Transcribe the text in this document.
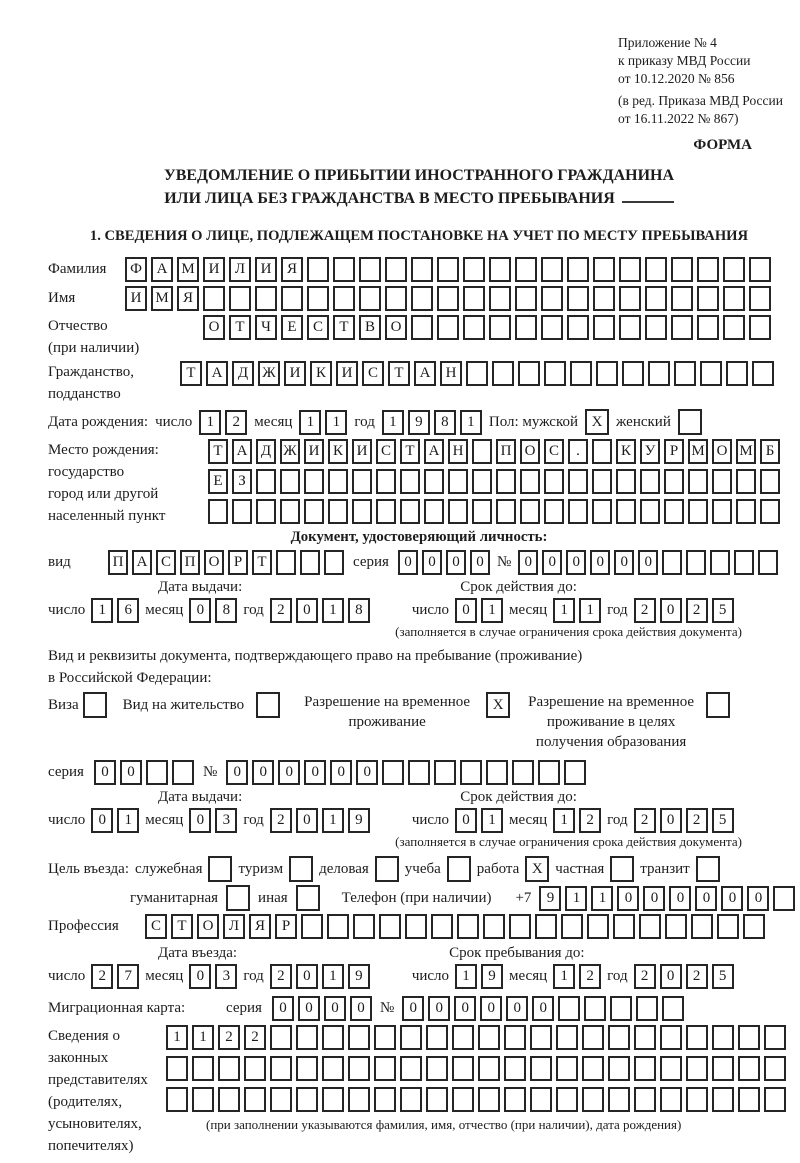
Приложение № 4
к приказу МВД России
от 10.12.2020 № 856
(в ред. Приказа МВД России
от 16.11.2022 № 867)
ФОРМА
УВЕДОМЛЕНИЕ О ПРИБЫТИИ ИНОСТРАННОГО ГРАЖДАНИНА
ИЛИ ЛИЦА БЕЗ ГРАЖДАНСТВА В МЕСТО ПРЕБЫВАНИЯ
1. СВЕДЕНИЯ О ЛИЦЕ, ПОДЛЕЖАЩЕМ ПОСТАНОВКЕ НА УЧЕТ ПО МЕСТУ ПРЕБЫВАНИЯ
Фамилия	Ф А М И	Л	И	Я
Имя	И М Я
Отчество
(при наличии)
О	Т	Ч	Е	С	Т	В	О
Гражданство,
подданство
Т	А	Д Ж И	К	И	С	Т	А	Н
Дата рождения: число 1	2 месяц 1	1 год 1	9	8	1 Пол: мужской X женский
Место рождения:
государство
город или другой
населенный пункт
Т А Д Ж И К И С Т А Н	П О С	.	К У Р М О М Б
Е	З
Документ, удостоверяющий личность:
вид	П А С П О Р	Т	серия	0	0	0	0 № 0	0	0	0	0	0
Дата выдачи:	Срок действия до:
число 1	6 месяц 0	8 год 2	0	1	8	число 0	1 месяц 1	1 год 2	0	2	5
(заполняется в случае ограничения срока действия документа)
Вид и реквизиты документа, подтверждающего право на пребывание (проживание)
в Российской Федерации:
Виза	Вид на жительство	Разрешение на временное проживание
X	Разрешение на временное проживание в целях получения образования
серия	0	0	№	0	0	0	0	0	0
Дата выдачи:	Срок действия до:
число 0	1 месяц 0	3 год 2	0	1	9	число 0	1 месяц 1	2 год 2	0	2	5
(заполняется в случае ограничения срока действия документа)
Цель въезда: служебная туризм деловая учеба работа X частная транзит
гуманитарная	иная	Телефон (при наличии) +7	9	1	1	0	0	0	0	0	0
Профессия	С	Т	О	Л	Я	Р
Дата въезда:	Срок пребывания до:
число 2	7 месяц 0	3 год 2	0	1	9	число 1	9 месяц 1	2 год 2	0	2	5
Миграционная карта:	серия	0	0	0	0	№	0	0	0	0	0	0
Сведения о
законных
представителях
(родителях,
усыновителях,
попечителях)
1	1	2	2
(при заполнении указываются фамилия, имя, отчество (при наличии), дата рождения)
